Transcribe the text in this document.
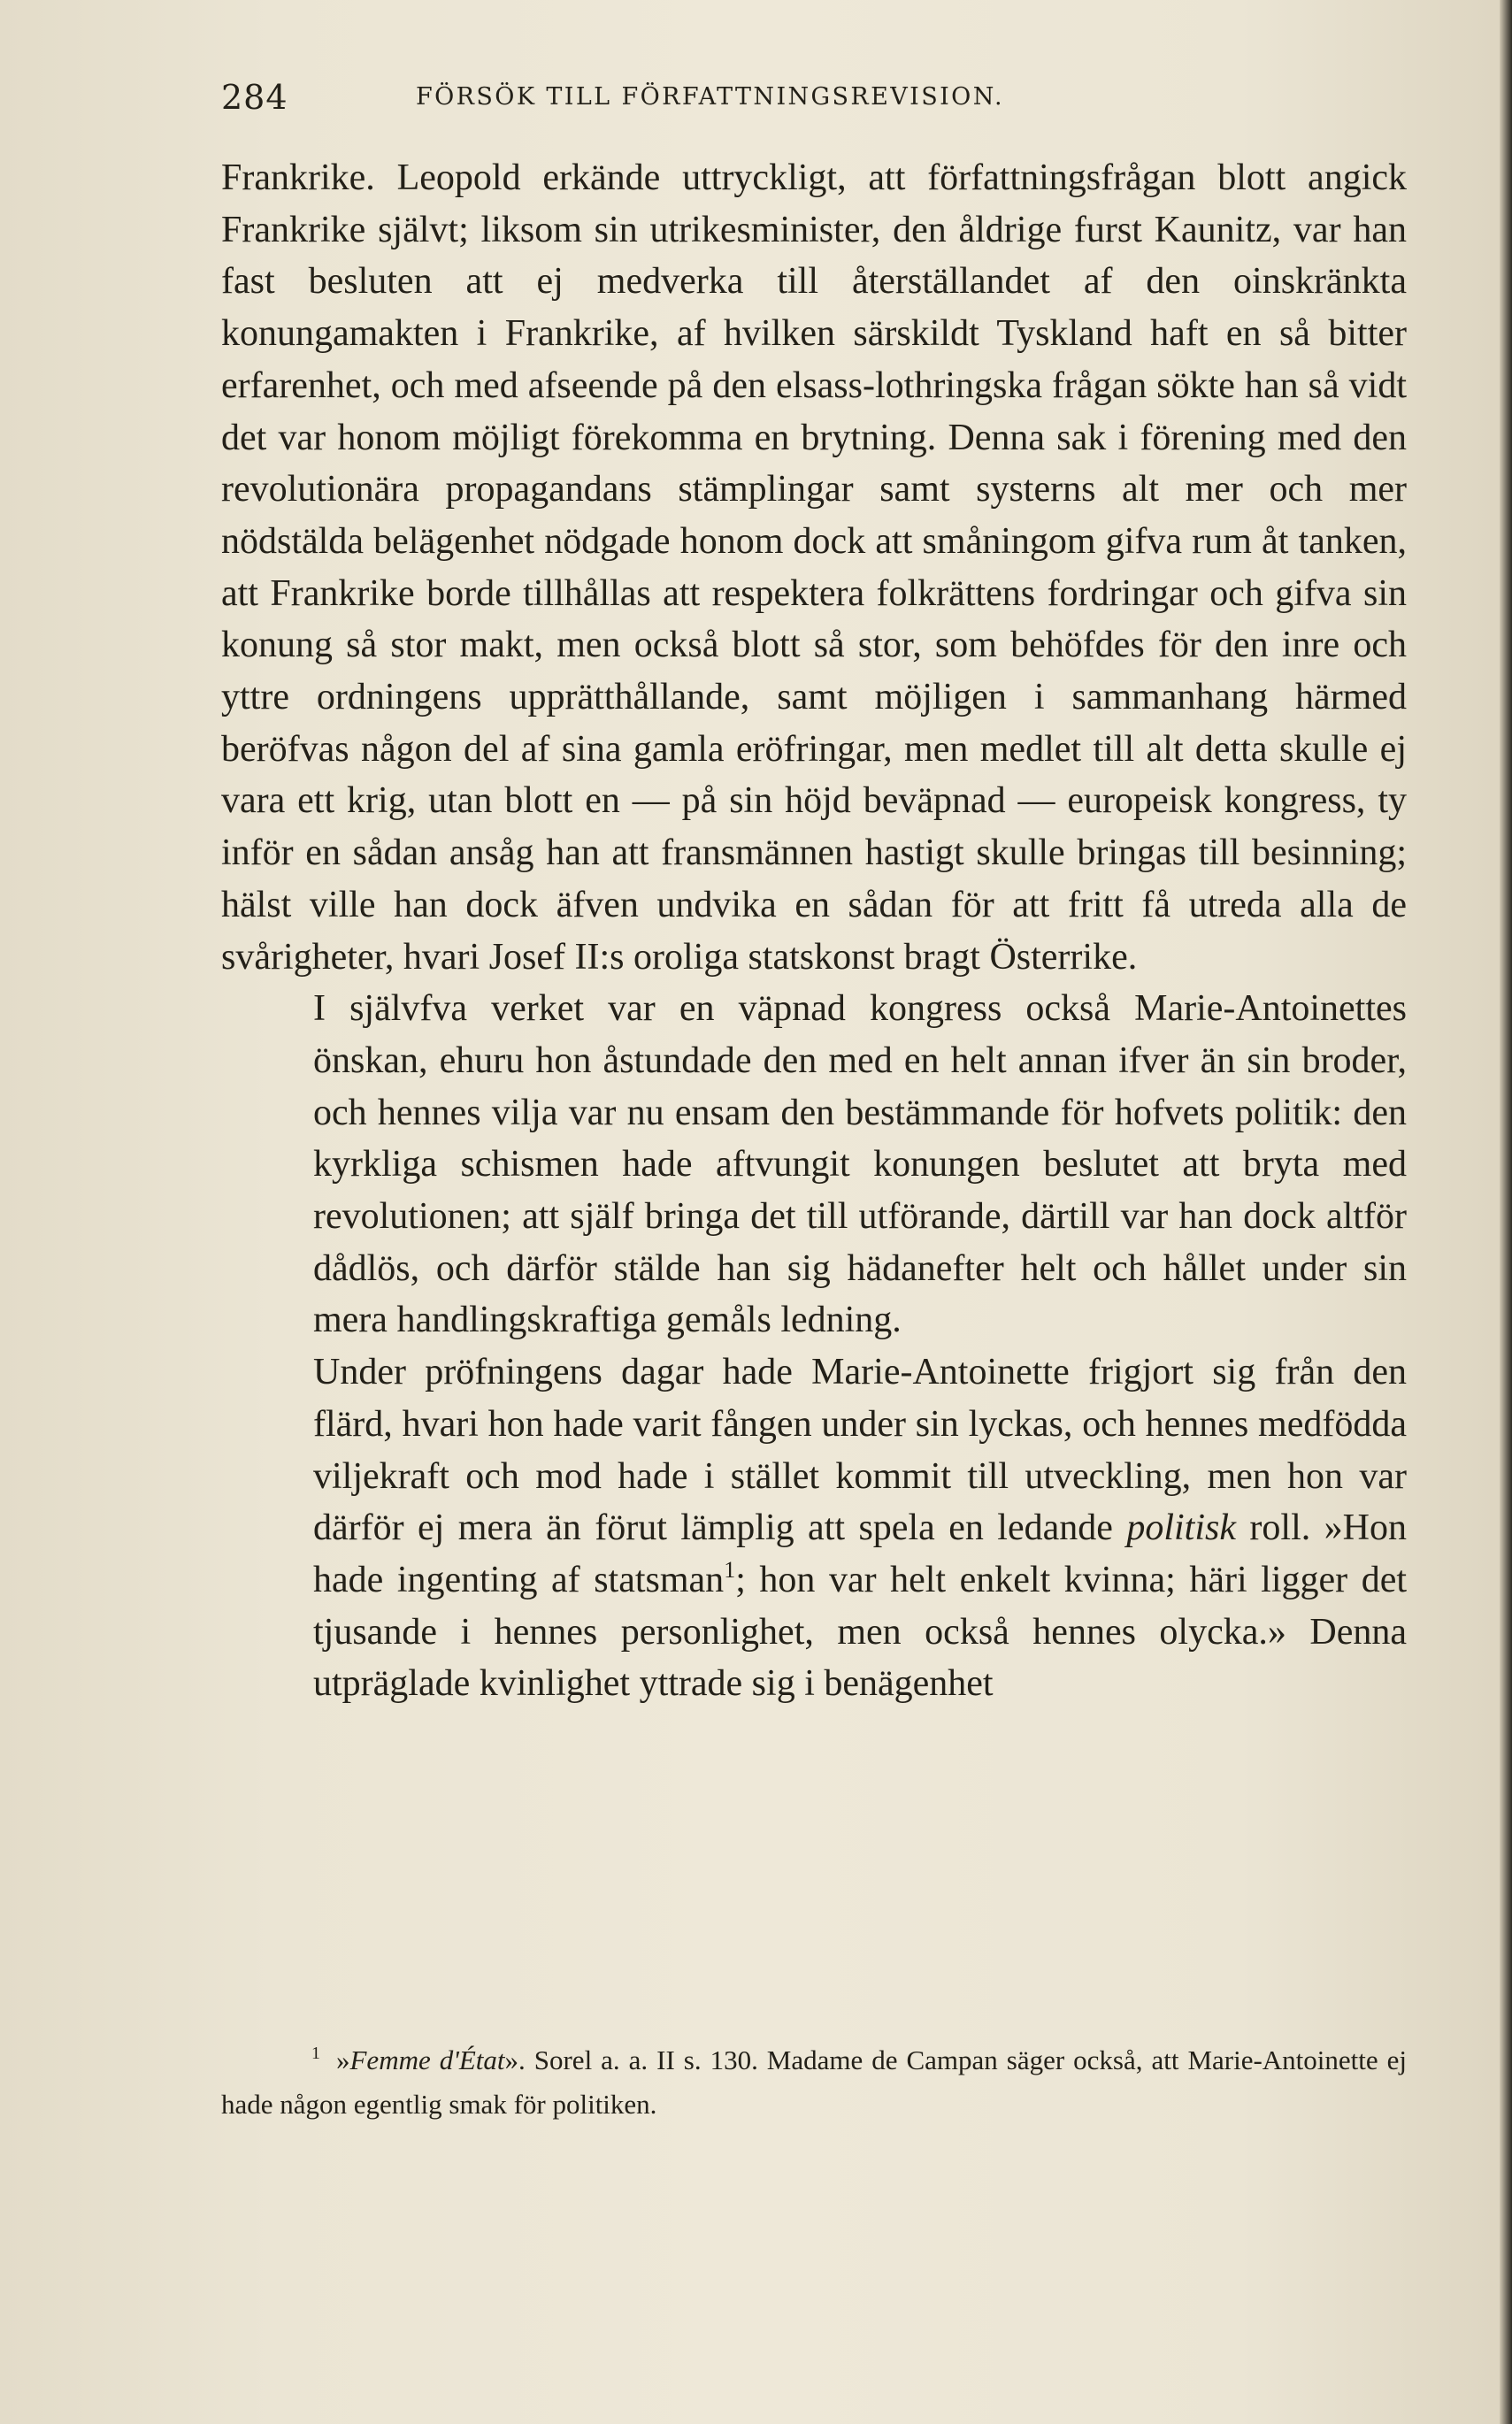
284	FÖRSÖK TILL FÖRFATTNINGSREVISION.

Frankrike. Leopold erkände uttryckligt, att författningsfrågan blott angick Frankrike självt; liksom sin utrikesminister, den åldrige furst Kaunitz, var han fast besluten att ej medverka till återställandet af den oinskränkta konungamakten i Frankrike, af hvilken särskildt Tyskland haft en så bitter erfarenhet, och med afseende på den elsass-lothringska frågan sökte han så vidt det var honom möjligt förekomma en brytning. Denna sak i förening med den revolutionära propagandans stämplingar samt systerns alt mer och mer nödstälda belägenhet nödgade honom dock att småningom gifva rum åt tanken, att Frankrike borde tillhållas att respektera folkrättens fordringar och gifva sin konung så stor makt, men också blott så stor, som behöfdes för den inre och yttre ordningens upprätthållande, samt möjligen i sammanhang härmed beröfvas någon del af sina gamla eröfringar, men medlet till alt detta skulle ej vara ett krig, utan blott en — på sin höjd beväpnad — europeisk kongress, ty inför en sådan ansåg han att fransmännen hastigt skulle bringas till besinning; hälst ville han dock äfven undvika en sådan för att fritt få utreda alla de svårigheter, hvari Josef II:s oroliga statskonst bragt Österrike.

I självfva verket var en väpnad kongress också Marie-Antoinettes önskan, ehuru hon åstundade den med en helt annan ifver än sin broder, och hennes vilja var nu ensam den bestämmande för hofvets politik: den kyrkliga schismen hade aftvungit konungen beslutet att bryta med revolutionen; att själf bringa det till utförande, därtill var han dock altför dådlös, och därför stälde han sig hädanefter helt och hållet under sin mera handlingskraftiga gemåls ledning.

Under pröfningens dagar hade Marie-Antoinette frigjort sig från den flärd, hvari hon hade varit fången under sin lyckas, och hennes medfödda viljekraft och mod hade i stället kommit till utveckling, men hon var därför ej mera än förut lämplig att spela en ledande politisk roll. »Hon hade ingenting af statsman$^1$; hon var helt enkelt kvinna; häri ligger det tjusande i hennes personlighet, men också hennes olycka.» Denna utpräglade kvinlighet yttrade sig i benägenhet

1 »Femme d'État». Sorel a. a. II s. 130. Madame de Campan säger också, att Marie-Antoinette ej hade någon egentlig smak för politiken.
